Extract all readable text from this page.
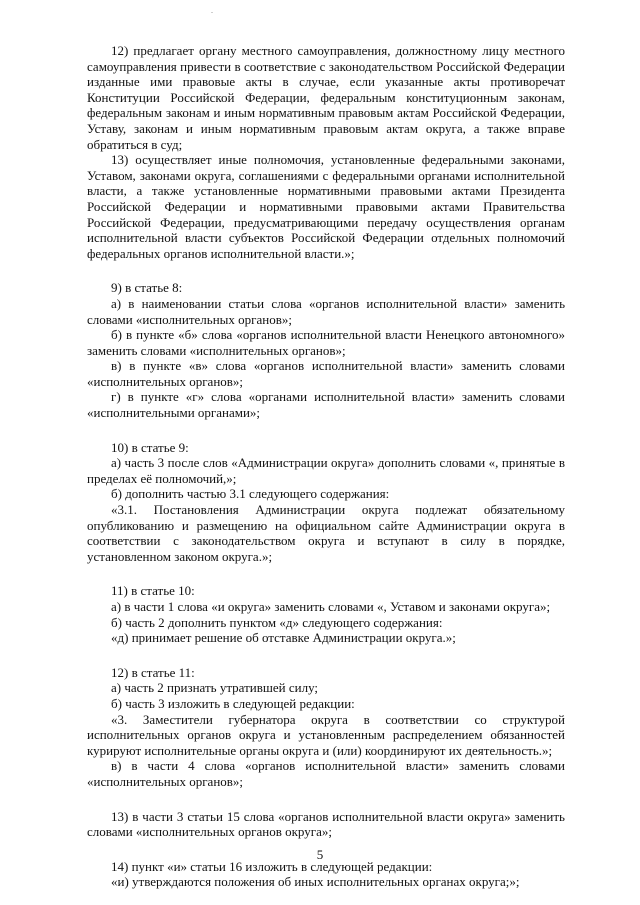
12) предлагает органу местного самоуправления, должностному лицу местного самоуправления привести в соответствие с законодательством Российской Федерации изданные ими правовые акты в случае, если указанные акты противоречат Конституции Российской Федерации, федеральным конституционным законам, федеральным законам и иным нормативным правовым актам Российской Федерации, Уставу, законам и иным нормативным правовым актам округа, а также вправе обратиться в суд;

13) осуществляет иные полномочия, установленные федеральными законами, Уставом, законами округа, соглашениями с федеральными органами исполнительной власти, а также установленные нормативными правовыми актами Президента Российской Федерации и нормативными правовыми актами Правительства Российской Федерации, предусматривающими передачу осуществления органам исполнительной власти субъектов Российской Федерации отдельных полномочий федеральных органов исполнительной власти.»;

9) в статье 8:

а) в наименовании статьи слова «органов исполнительной власти» заменить словами «исполнительных органов»;

б) в пункте «б» слова «органов исполнительной власти Ненецкого автономного» заменить словами «исполнительных органов»;

в) в пункте «в» слова «органов исполнительной власти» заменить словами «исполнительных органов»;

г) в пункте «г» слова «органами исполнительной власти» заменить словами «исполнительными органами»;

10) в статье 9:

а) часть 3 после слов «Администрации округа» дополнить словами «, принятые в пределах её полномочий,»;

б) дополнить частью 3.1 следующего содержания:

«3.1. Постановления Администрации округа подлежат обязательному опубликованию и размещению на официальном сайте Администрации округа в соответствии с законодательством округа и вступают в силу в порядке, установленном законом округа.»;

11) в статье 10:

а) в части 1 слова «и округа» заменить словами «, Уставом и законами округа»;

б) часть 2 дополнить пунктом «д» следующего содержания:

«д) принимает решение об отставке Администрации округа.»;

12) в статье 11:

а) часть 2 признать утратившей силу;

б) часть 3 изложить в следующей редакции:

«3. Заместители губернатора округа в соответствии со структурой исполнительных органов округа и установленным распределением обязанностей курируют исполнительные органы округа и (или) координируют их деятельность.»;

в) в части 4 слова «органов исполнительной власти» заменить словами «исполнительных органов»;

13) в части 3 статьи 15 слова «органов исполнительной власти округа» заменить словами «исполнительных органов округа»;

14) пункт «и» статьи 16 изложить в следующей редакции:

«и) утверждаются положения об иных исполнительных органах округа;»;

5
